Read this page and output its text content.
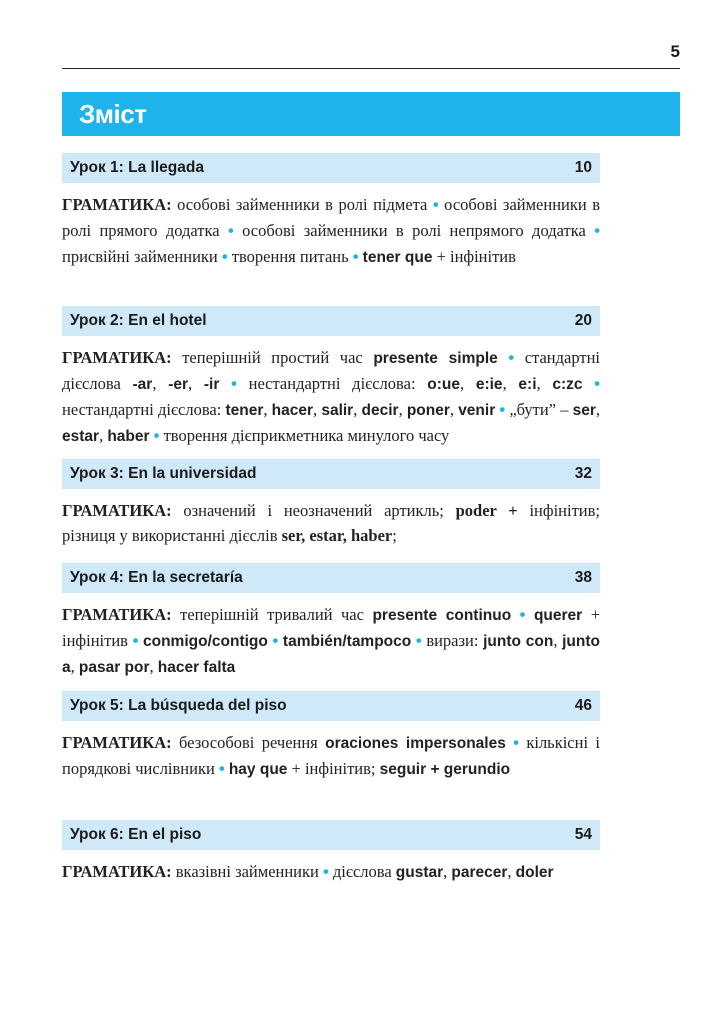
5
Зміст
Урок 1: La llegada	10
ГРАМАТИКА: особові займенники в ролі підмета • особові займенники в ролі прямого додатка • особові займенники в ролі непрямого додатка • присвійні займенники • творення питань • tener que + інфінітив
Урок 2: En el hotel	20
ГРАМАТИКА: теперішній простий час presente simple • стандартні дієслова -ar, -er, -ir • нестандартні дієслова: o:ue, e:ie, e:i, c:zc • нестандартні дієслова: tener, hacer, salir, decir, poner, venir • „бути” – ser, estar, haber • творення дієприкметника минулого часу
Урок 3: En la universidad	32
ГРАМАТИКА: означений і неозначений артикль; poder + інфінітив; різниця у використанні дієслів ser, estar, haber;
Урок 4: En la secretaría	38
ГРАМАТИКА: теперішній тривалий час presente continuo • querer + інфінітив • conmigo/contigo • también/tampoco • вирази: junto con, junto a, pasar por, hacer falta
Урок 5: La búsqueda del piso	46
ГРАМАТИКА: безособові речення oraciones impersonales • кількісні і порядкові числівники • hay que + інфінітив; seguir + gerundio
Урок 6: En el piso	54
ГРАМАТИКА: вказівні займенники • дієслова gustar, parecer, doler
